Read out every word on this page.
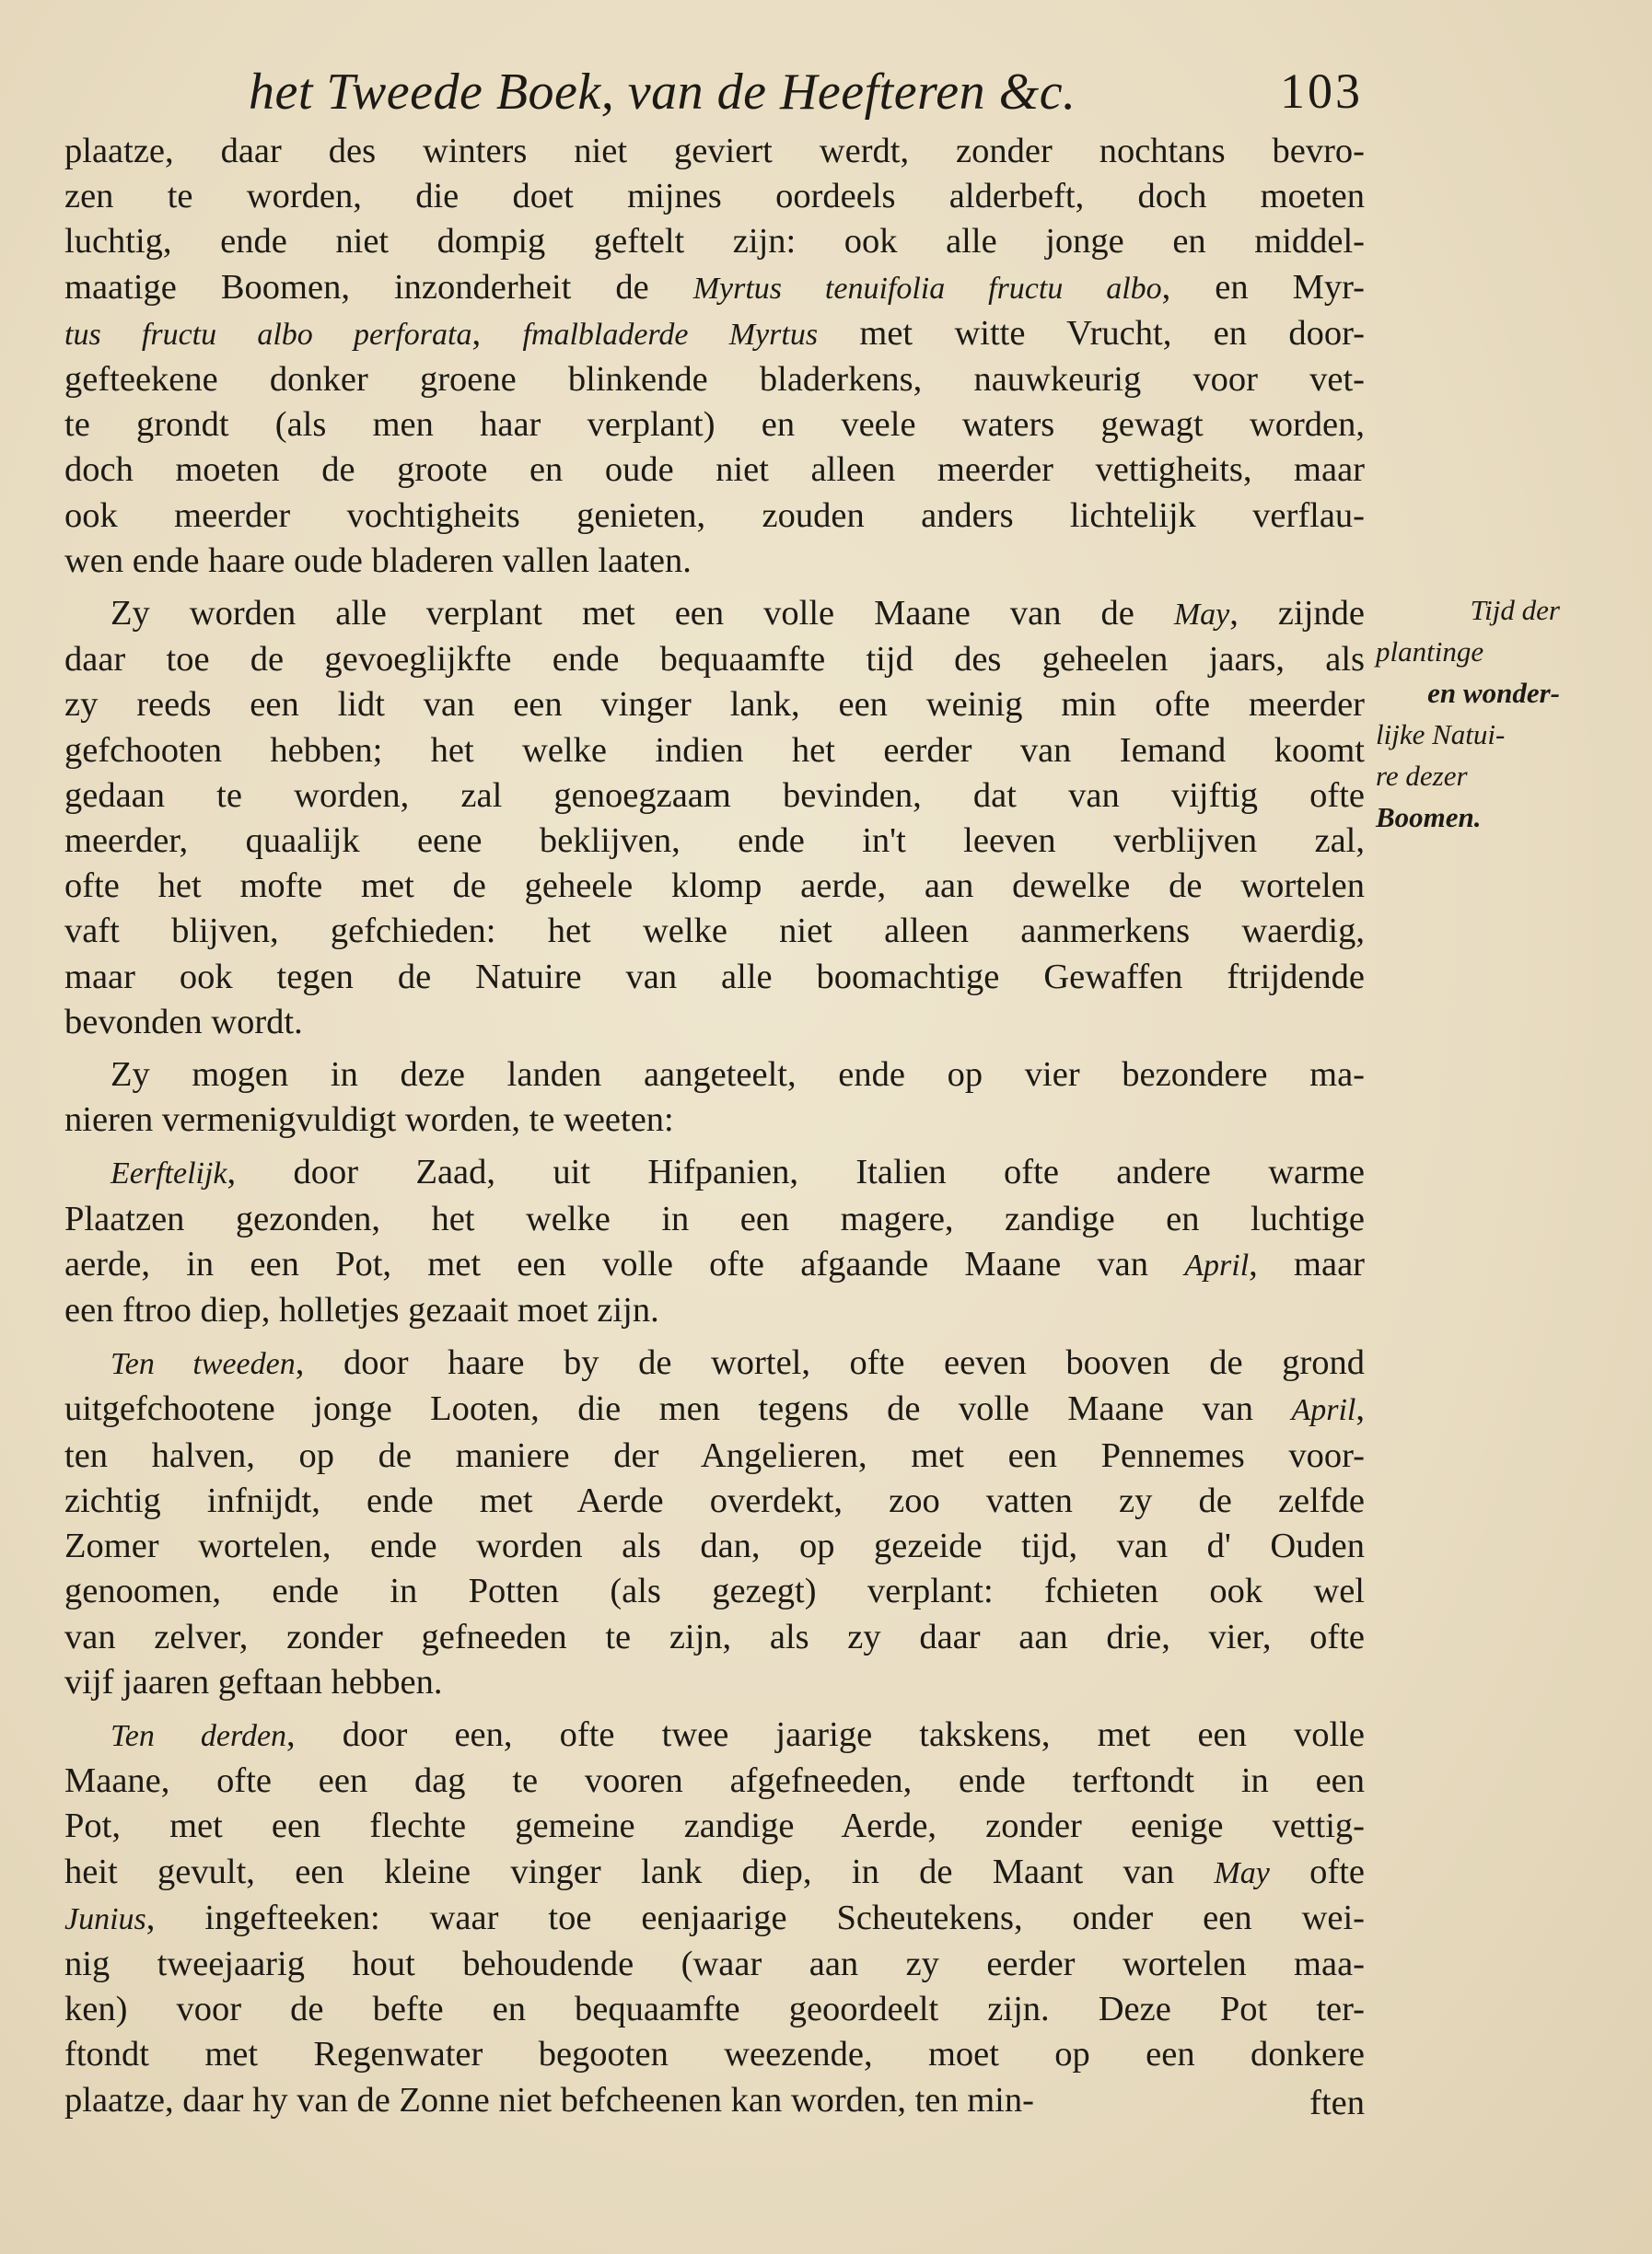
het Tweede Boek, van de Heefteren &c.	103
plaatze, daar des winters niet geviert werdt, zonder nochtans bevro-
zen te worden, die doet mijnes oordeels alderbeft, doch moeten
luchtig, ende niet dompig geftelt zijn: ook alle jonge en middel-
maatige Boomen, inzonderheit de Myrtus tenuifolia fructu albo, en Myr-
tus fructu albo perforata, fmalbladerde Myrtus met witte Vrucht, en door-
gefteekene donker groene blinkende bladerkens, nauwkeurig voor vet-
te grondt (als men haar verplant) en veele waters gewagt worden,
doch moeten de groote en oude niet alleen meerder vettigheits, maar
ook meerder vochtigheits genieten, zouden anders lichtelijk verflau-
wen ende haare oude bladeren vallen laaten.
Zy worden alle verplant met een volle Maane van de May, zijnde
daar toe de gevoeglijkfte ende bequaamfte tijd des geheelen jaars, als
zy reeds een lidt van een vinger lank, een weinig min ofte meerder
gefchooten hebben; het welke indien het eerder van Iemand koomt
gedaan te worden, zal genoegzaam bevinden, dat van vijftig ofte
meerder, quaalijk eene beklijven, ende in't leeven verblijven zal,
ofte het mofte met de geheele klomp aerde, aan dewelke de wortelen
vaft blijven, gefchieden: het welke niet alleen aanmerkens waerdig,
maar ook tegen de Natuire van alle boomachtige Gewaffen ftrijdende
bevonden wordt.
Zy mogen in deze landen aangeteelt, ende op vier bezondere ma-
nieren vermenigvuldigt worden, te weeten:
Eerftelijk, door Zaad, uit Hifpanien, Italien ofte andere warme
Plaatzen gezonden, het welke in een magere, zandige en luchtige
aerde, in een Pot, met een volle ofte afgaande Maane van April, maar
een ftroo diep, holletjes gezaait moet zijn.
Ten tweeden, door haare by de wortel, ofte eeven booven de grond
uitgefchootene jonge Looten, die men tegens de volle Maane van April,
ten halven, op de maniere der Angelieren, met een Pennemes voor-
zichtig infnijdt, ende met Aerde overdekt, zoo vatten zy de zelfde
Zomer wortelen, ende worden als dan, op gezeide tijd, van d' Ouden
genoomen, ende in Potten (als gezegt) verplant: fchieten ook wel
van zelver, zonder gefneeden te zijn, als zy daar aan drie, vier, ofte
vijf jaaren geftaan hebben.
Ten derden, door een, ofte twee jaarige takskens, met een volle
Maane, ofte een dag te vooren afgefneeden, ende terftondt in een
Pot, met een flechte gemeine zandige Aerde, zonder eenige vettig-
heit gevult, een kleine vinger lank diep, in de Maant van May ofte
Junius, ingefteeken: waar toe eenjaarige Scheutekens, onder een wei-
nig tweejaarig hout behoudende (waar aan zy eerder wortelen maa-
ken) voor de befte en bequaamfte geoordeelt zijn. Deze Pot ter-
ftondt met Regenwater begooten weezende, moet op een donkere
plaatze, daar hy van de Zonne niet befcheenen kan worden, ten min-
Tijd der
plantinge
en wonder-
lijke Natui-
re dezer
Boomen.
ften
